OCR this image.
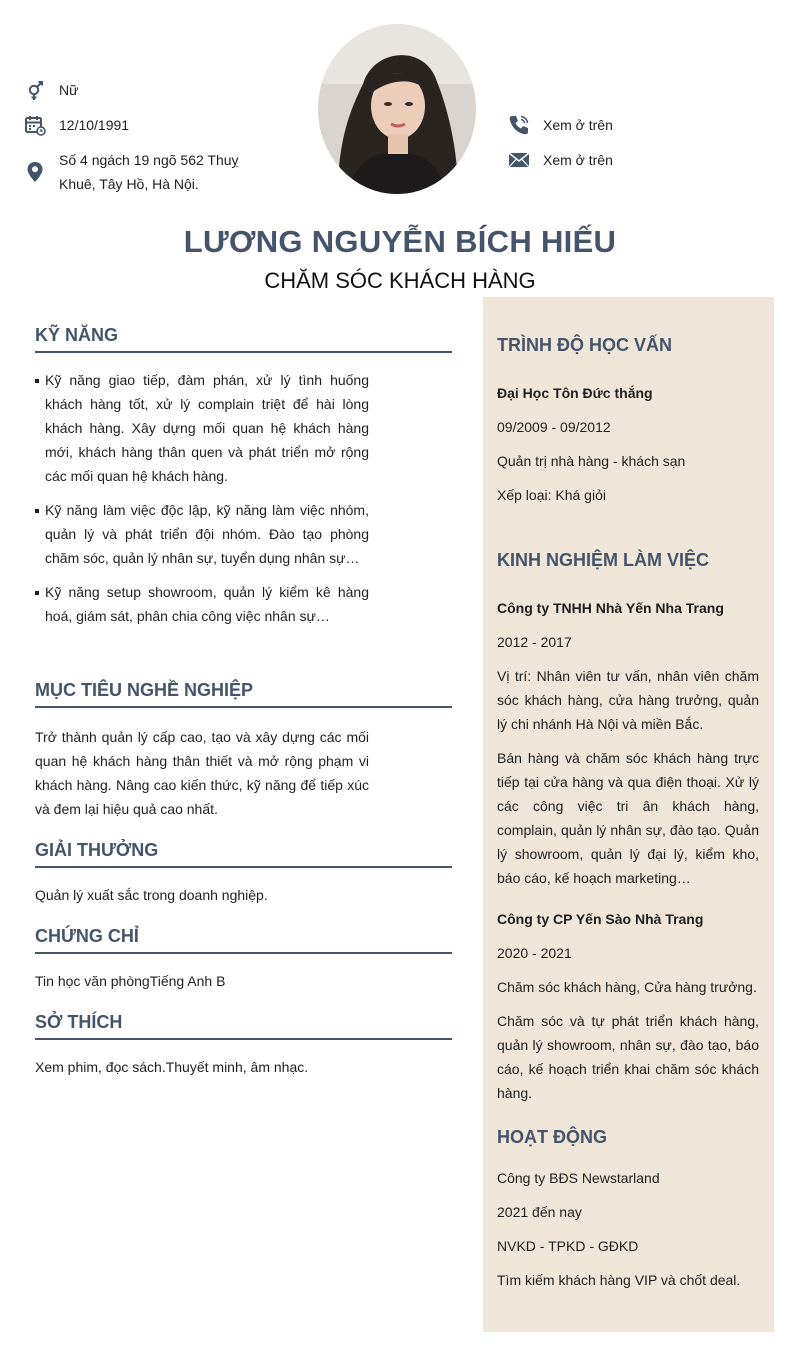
Nữ
12/10/1991
Số 4 ngách 19 ngõ 562 Thuỵ Khuê, Tây Hồ, Hà Nội.
Xem ở trên
Xem ở trên
LƯƠNG NGUYỄN BÍCH HIẾU
CHĂM SÓC KHÁCH HÀNG
KỸ NĂNG
Kỹ năng giao tiếp, đàm phán, xử lý tình huống khách hàng tốt, xử lý complain triệt để hài lòng khách hàng. Xây dựng mối quan hệ khách hàng mới, khách hàng thân quen và phát triển mở rộng các mối quan hệ khách hàng.
Kỹ năng làm việc độc lập, kỹ năng làm việc nhóm, quản lý và phát triển đội nhóm. Đào tạo phòng chăm sóc, quản lý nhân sự, tuyển dụng nhân sự…
Kỹ năng setup showroom, quản lý kiểm kê hàng hoá, giám sát, phân chia công việc nhân sự…
MỤC TIÊU NGHỀ NGHIỆP
Trở thành quản lý cấp cao, tạo và xây dựng các mối quan hệ khách hàng thân thiết và mở rộng phạm vi khách hàng. Nâng cao kiến thức, kỹ năng để tiếp xúc và đem lại hiệu quả cao nhất.
GIẢI THƯỞNG
Quản lý xuất sắc trong doanh nghiệp.
CHỨNG CHỈ
Tin học văn phòngTiếng Anh B
SỞ THÍCH
Xem phim, đọc sách.Thuyết minh, âm nhạc.
TRÌNH ĐỘ HỌC VẤN
Đại Học Tôn Đức thắng
09/2009 - 09/2012
Quản trị nhà hàng - khách sạn
Xếp loại: Khá giỏi
KINH NGHIỆM LÀM VIỆC
Công ty TNHH Nhà Yến Nha Trang
2012 - 2017
Vị trí: Nhân viên tư vấn, nhân viên chăm sóc khách hàng, cửa hàng trưởng, quản lý chi nhánh Hà Nội và miền Bắc.
Bán hàng và chăm sóc khách hàng trực tiếp tại cửa hàng và qua điện thoại. Xử lý các công việc tri ân khách hàng, complain, quản lý nhân sự, đào tạo. Quản lý showroom, quản lý đại lý, kiểm kho, báo cáo, kế hoạch marketing…
Công ty CP Yến Sào Nhà Trang
2020 - 2021
Chăm sóc khách hàng, Cửa hàng trưởng.
Chăm sóc và tự phát triển khách hàng, quản lý showroom, nhân sự, đào tạo, báo cáo, kế hoạch triển khai chăm sóc khách hàng.
HOẠT ĐỘNG
Công ty BĐS Newstarland
2021 đến nay
NVKD - TPKD - GĐKD
Tìm kiếm khách hàng VIP và chốt deal.
